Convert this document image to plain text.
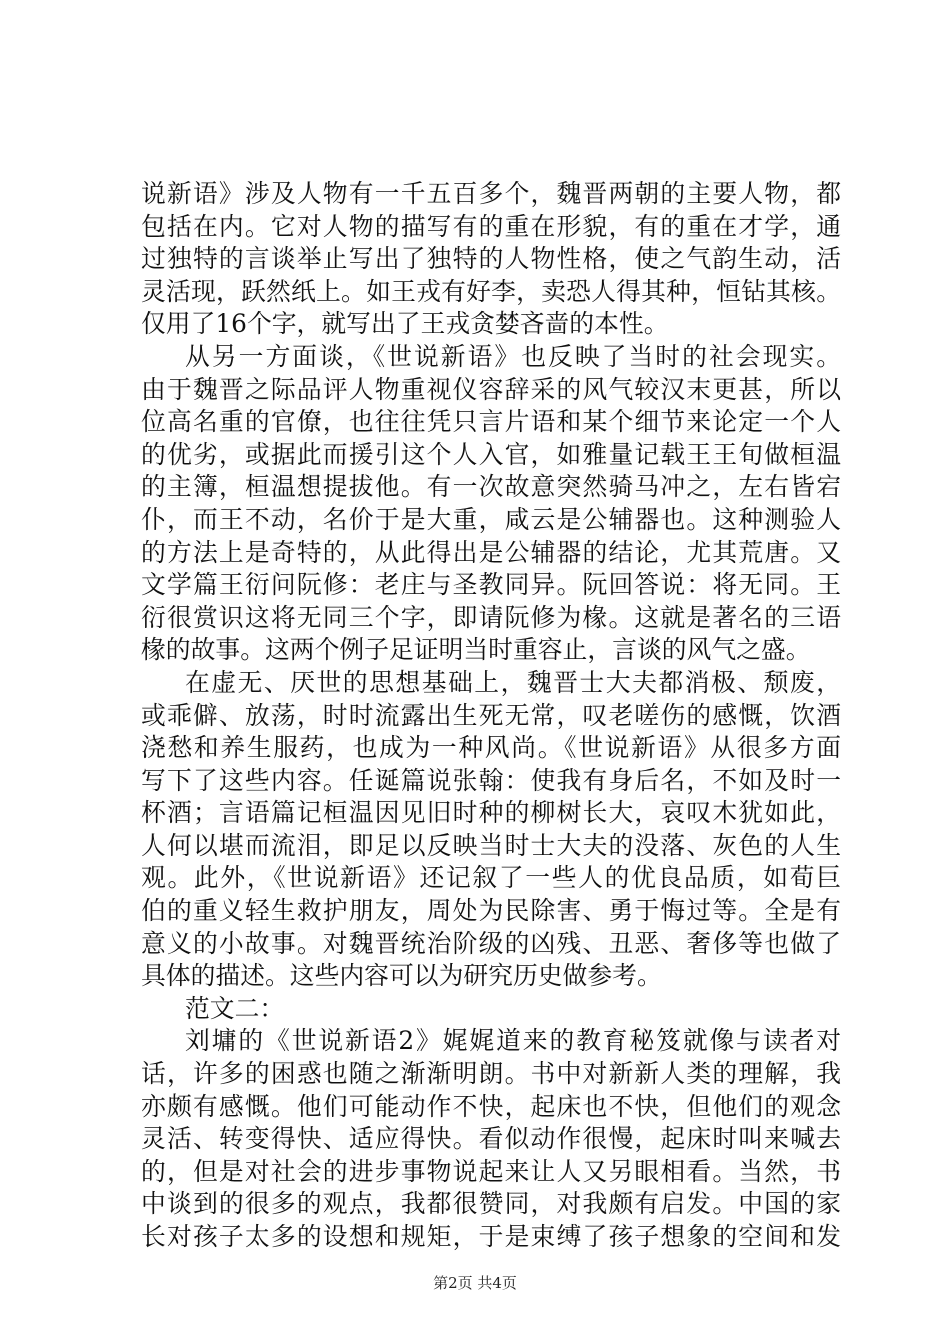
说新语》涉及人物有一千五百多个，魏晋两朝的主要人物，都
包括在内。它对人物的描写有的重在形貌，有的重在才学，通
过独特的言谈举止写出了独特的人物性格，使之气韵生动，活
灵活现，跃然纸上。如王戎有好李，卖恐人得其种，恒钻其核。
仅用了16个字，就写出了王戎贪婪吝啬的本性。
从另一方面谈，《世说新语》也反映了当时的社会现实。
由于魏晋之际品评人物重视仪容辞采的风气较汉末更甚，所以
位高名重的官僚，也往往凭只言片语和某个细节来论定一个人
的优劣，或据此而援引这个人入官，如雅量记载王王旬做桓温
的主簿，桓温想提拔他。有一次故意突然骑马冲之，左右皆宕
仆，而王不动，名价于是大重，咸云是公辅器也。这种测验人
的方法上是奇特的，从此得出是公辅器的结论，尤其荒唐。又
文学篇王衍问阮修：老庄与圣教同异。阮回答说：将无同。王
衍很赏识这将无同三个字，即请阮修为椽。这就是著名的三语
椽的故事。这两个例子足证明当时重容止，言谈的风气之盛。
在虚无、厌世的思想基础上，魏晋士大夫都消极、颓废，
或乖僻、放荡，时时流露出生死无常，叹老嗟伤的感慨，饮酒
浇愁和养生服药，也成为一种风尚。《世说新语》从很多方面
写下了这些内容。任诞篇说张翰：使我有身后名，不如及时一
杯酒；言语篇记桓温因见旧时种的柳树长大，哀叹木犹如此，
人何以堪而流泪，即足以反映当时士大夫的没落、灰色的人生
观。此外，《世说新语》还记叙了一些人的优良品质，如荀巨
伯的重义轻生救护朋友，周处为民除害、勇于悔过等。全是有
意义的小故事。对魏晋统治阶级的凶残、丑恶、奢侈等也做了
具体的描述。这些内容可以为研究历史做参考。
范文二：
刘墉的《世说新语2》娓娓道来的教育秘笈就像与读者对
话，许多的困惑也随之渐渐明朗。书中对新新人类的理解，我
亦颇有感慨。他们可能动作不快，起床也不快，但他们的观念
灵活、转变得快、适应得快。看似动作很慢，起床时叫来喊去
的，但是对社会的进步事物说起来让人又另眼相看。当然，书
中谈到的很多的观点，我都很赞同，对我颇有启发。中国的家
长对孩子太多的设想和规矩，于是束缚了孩子想象的空间和发
第2页 共4页
